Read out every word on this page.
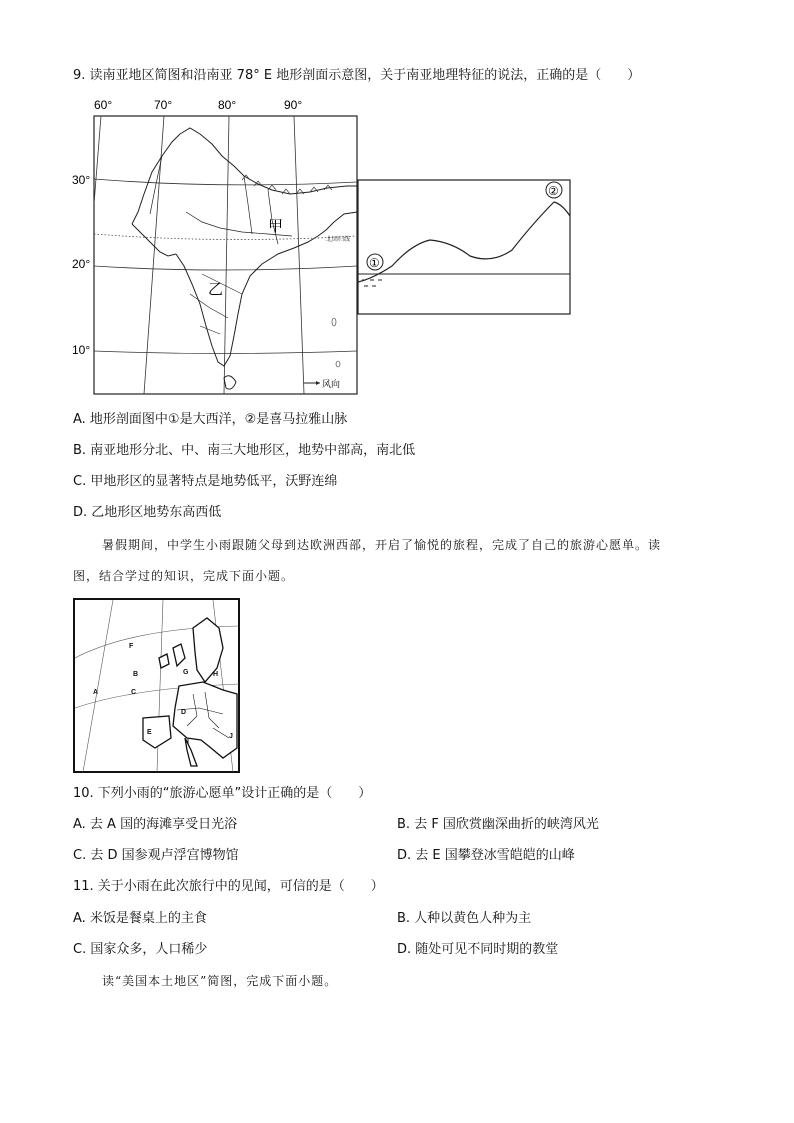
9. 读南亚地区简图和沿南亚 78° E 地形剖面示意图，关于南亚地理特征的说法，正确的是（　　）
60°	70°	80°	90°
30°
20°
10°
北回归线
甲
乙
风向
①
②
A. 地形剖面图中①是大西洋，②是喜马拉雅山脉
B. 南亚地形分北、中、南三大地形区，地势中部高，南北低
C. 甲地形区的显著特点是地势低平，沃野连绵
D. 乙地形区地势东高西低
暑假期间，中学生小雨跟随父母到达欧洲西部，开启了愉悦的旅程，完成了自己的旅游心愿单。读
图，结合学过的知识，完成下面小题。
A
B
C
D
E
F
G	H
I
J
10. 下列小雨的“旅游心愿单”设计正确的是（　　）
A. 去 A 国的海滩享受日光浴	B. 去 F 国欣赏幽深曲折的峡湾风光
C. 去 D 国参观卢浮宫博物馆	D. 去 E 国攀登冰雪皑皑的山峰
11. 关于小雨在此次旅行中的见闻，可信的是（　　）
A. 米饭是餐桌上的主食	B. 人种以黄色人种为主
C. 国家众多，人口稀少	D. 随处可见不同时期的教堂
读“美国本土地区”简图，完成下面小题。
